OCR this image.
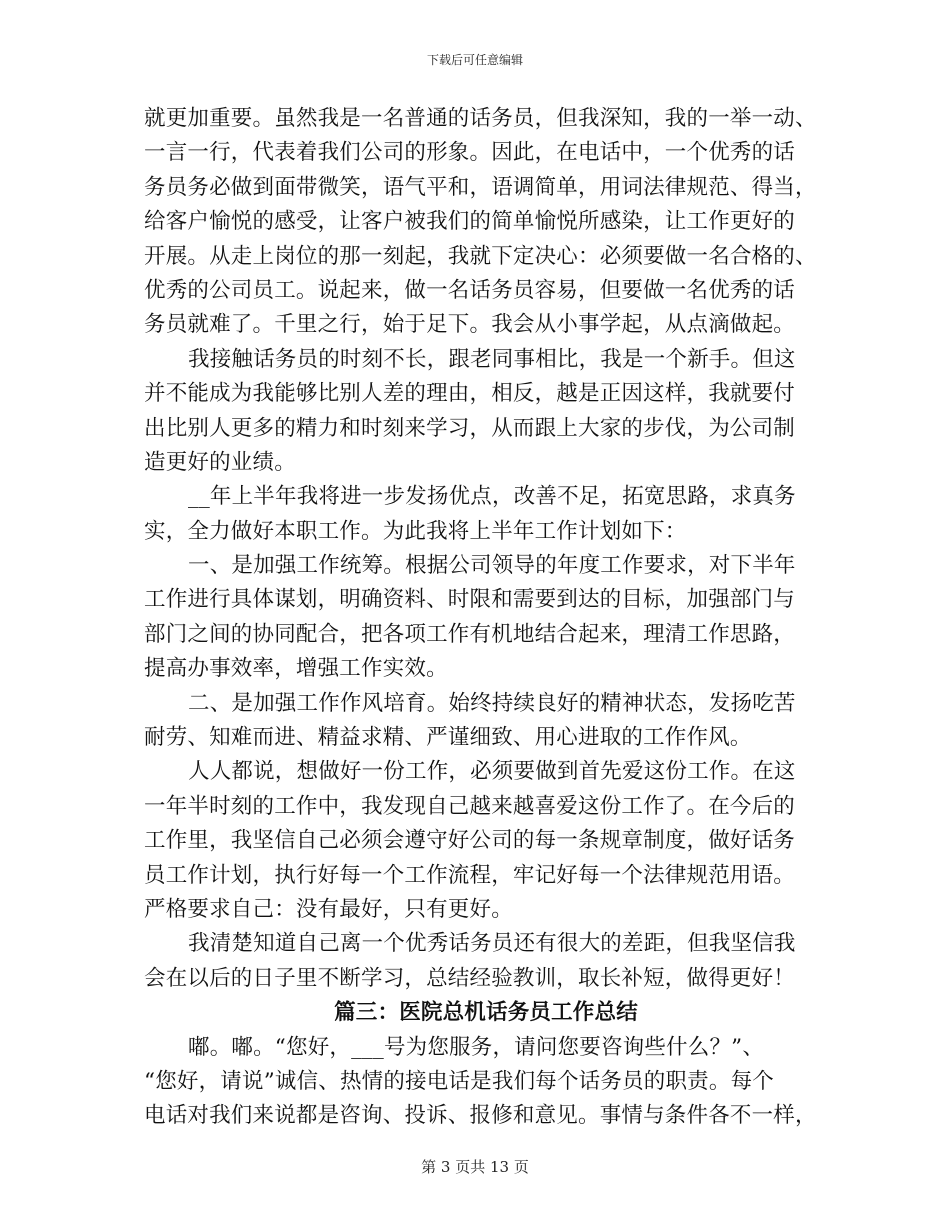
下载后可任意编辑
就更加重要。虽然我是一名普通的话务员，但我深知，我的一举一动、
一言一行，代表着我们公司的形象。因此，在电话中，一个优秀的话
务员务必做到面带微笑，语气平和，语调简单，用词法律规范、得当，
给客户愉悦的感受，让客户被我们的简单愉悦所感染，让工作更好的
开展。从走上岗位的那一刻起，我就下定决心：必须要做一名合格的、
优秀的公司员工。说起来，做一名话务员容易，但要做一名优秀的话
务员就难了。千里之行，始于足下。我会从小事学起，从点滴做起。
我接触话务员的时刻不长，跟老同事相比，我是一个新手。但这
并不能成为我能够比别人差的理由，相反，越是正因这样，我就要付
出比别人更多的精力和时刻来学习，从而跟上大家的步伐，为公司制
造更好的业绩。
__年上半年我将进一步发扬优点，改善不足，拓宽思路，求真务
实，全力做好本职工作。为此我将上半年工作计划如下：
一、是加强工作统筹。根据公司领导的年度工作要求，对下半年
工作进行具体谋划，明确资料、时限和需要到达的目标，加强部门与
部门之间的协同配合，把各项工作有机地结合起来，理清工作思路，
提高办事效率，增强工作实效。
二、是加强工作作风培育。始终持续良好的精神状态，发扬吃苦
耐劳、知难而进、精益求精、严谨细致、用心进取的工作作风。
人人都说，想做好一份工作，必须要做到首先爱这份工作。在这
一年半时刻的工作中，我发现自己越来越喜爱这份工作了。在今后的
工作里，我坚信自己必须会遵守好公司的每一条规章制度，做好话务
员工作计划，执行好每一个工作流程，牢记好每一个法律规范用语。
严格要求自己：没有最好，只有更好。
我清楚知道自己离一个优秀话务员还有很大的差距，但我坚信我
会在以后的日子里不断学习，总结经验教训，取长补短，做得更好！
篇三：医院总机话务员工作总结
嘟。嘟。“您好，___号为您服务，请问您要咨询些什么？”、
“您好，请说”诚信、热情的接电话是我们每个话务员的职责。每个
电话对我们来说都是咨询、投诉、报修和意见。事情与条件各不一样，
第 3 页共 13 页
